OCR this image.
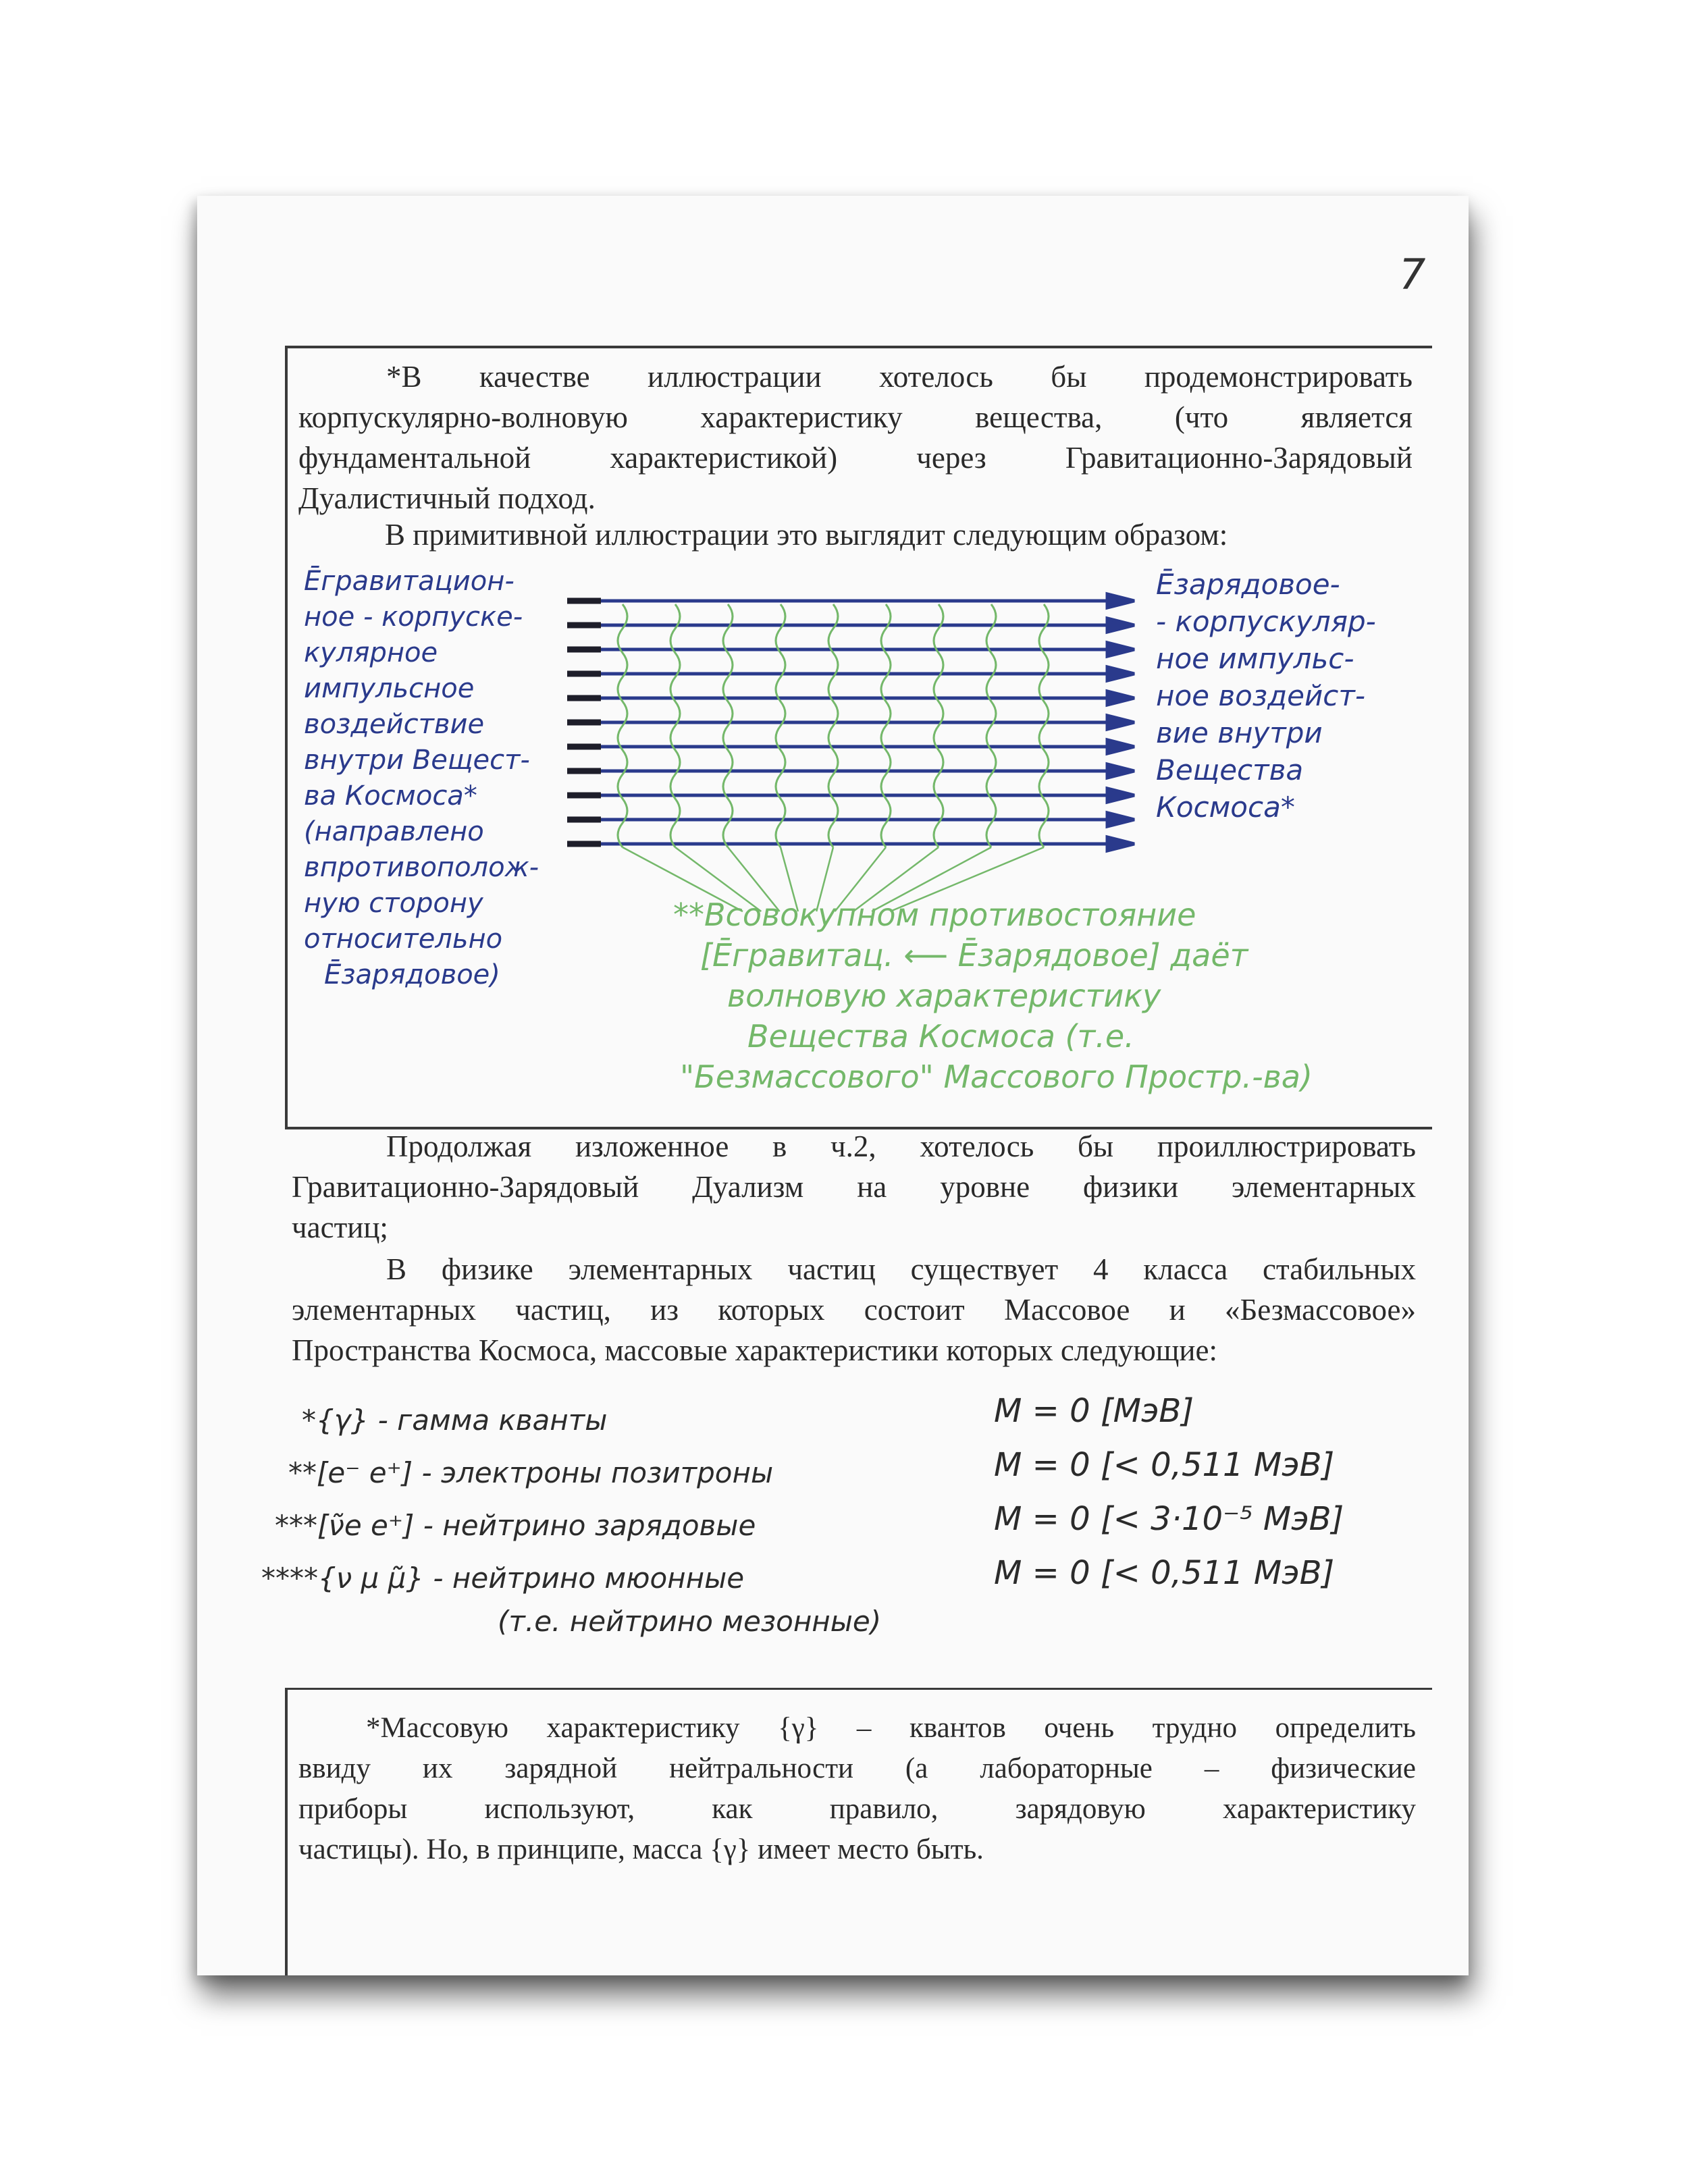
7
*В качестве иллюстрации хотелось бы продемонстрировать
корпускулярно-волновую характеристику вещества, (что является
фундаментальной характеристикой) через Гравитационно-Зарядовый
Дуалистичный подход.
В примитивной иллюстрации это выглядит следующим образом:
Ēгравитацион-
ное - корпуске-
кулярное
импульсное
воздействие
внутри Вещест-
ва Космоса*
(направлено
впротивополож-
ную сторону
относительно
Ēзарядовое)
Ēзарядовое-
- корпускуляр-
ное импульс-
ное воздейст-
вие внутри
Вещества
Космоса*
**Всовокупном противостояние
[Ēгравитац. ⟵ Ēзарядовое] даёт
волновую характеристику
Вещества Космоса (т.е.
"Безмассового" Массового Простр.-ва)
Продолжая изложенное в ч.2, хотелось бы проиллюстрировать
Гравитационно-Зарядовый Дуализм на уровне физики элементарных
частиц;
В физике элементарных частиц существует 4 класса стабильных
элементарных частиц, из которых состоит Массовое и «Безмассовое»
Пространства Космоса, массовые характеристики которых следующие:
*{γ} - гамма кванты
**[e⁻ e⁺] - электроны позитроны
***[ν̃e e⁺] - нейтрино зарядовые
****{ν μ μ̃} - нейтрино мюонные
(т.е. нейтрино мезонные)
M = 0 [МэВ]
M = 0 [< 0,511 МэВ]
M = 0 [< 3·10⁻⁵ МэВ]
M = 0 [< 0,511 МэВ]
*Массовую характеристику {γ} – квантов очень трудно определить
ввиду их зарядной нейтральности (а лабораторные – физические
приборы используют, как правило, зарядовую характеристику
частицы). Но, в принципе, масса {γ} имеет место быть.
